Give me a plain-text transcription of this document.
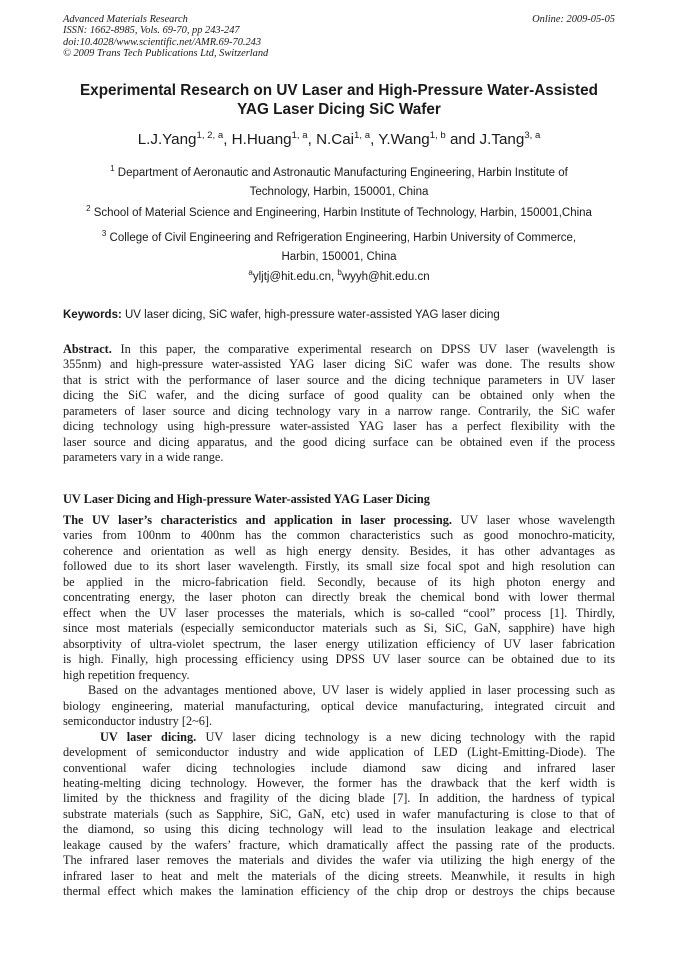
Advanced Materials Research
ISSN: 1662-8985, Vols. 69-70, pp 243-247
doi:10.4028/www.scientific.net/AMR.69-70.243
© 2009 Trans Tech Publications Ltd, Switzerland
Online: 2009-05-05
Experimental Research on UV Laser and High-Pressure Water-Assisted
YAG Laser Dicing SiC Wafer
L.J.Yang$^{1, 2, a}$, H.Huang$^{1, a}$, N.Cai$^{1, a}$, Y.Wang$^{1, b}$ and J.Tang$^{3, a}$
$^1$ Department of Aeronautic and Astronautic Manufacturing Engineering, Harbin Institute of
Technology, Harbin, 150001, China
$^2$ School of Material Science and Engineering, Harbin Institute of Technology, Harbin, 150001,China
$^3$ College of Civil Engineering and Refrigeration Engineering, Harbin University of Commerce,
Harbin, 150001, China
$^a$yljtj@hit.edu.cn, $^b$wyyh@hit.edu.cn
Keywords: UV laser dicing, SiC wafer, high-pressure water-assisted YAG laser dicing
Abstract. In this paper, the comparative experimental research on DPSS UV laser (wavelength is
355nm) and high-pressure water-assisted YAG laser dicing SiC wafer was done. The results show
that is strict with the performance of laser source and the dicing technique parameters in UV laser
dicing the SiC wafer, and the dicing surface of good quality can be obtained only when the
parameters of laser source and dicing technology vary in a narrow range. Contrarily, the SiC wafer
dicing technology using high-pressure water-assisted YAG laser has a perfect flexibility with the
laser source and dicing apparatus, and the good dicing surface can be obtained even if the process
parameters vary in a wide range.
UV Laser Dicing and High-pressure Water-assisted YAG Laser Dicing
The UV laser’s characteristics and application in laser processing. UV laser whose wavelength
varies from 100nm to 400nm has the common characteristics such as good monochro-maticity,
coherence and orientation as well as high energy density. Besides, it has other advantages as
followed due to its short laser wavelength. Firstly, its small size focal spot and high resolution can
be applied in the micro-fabrication field. Secondly, because of its high photon energy and
concentrating energy, the laser photon can directly break the chemical bond with lower thermal
effect when the UV laser processes the materials, which is so-called “cool” process [1]. Thirdly,
since most materials (especially semiconductor materials such as Si, SiC, GaN, sapphire) have high
absorptivity of ultra-violet spectrum, the laser energy utilization efficiency of UV laser fabrication
is high. Finally, high processing efficiency using DPSS UV laser source can be obtained due to its
high repetition frequency.
Based on the advantages mentioned above, UV laser is widely applied in laser processing such as
biology engineering, material manufacturing, optical device manufacturing, integrated circuit and
semiconductor industry [2~6].
UV laser dicing. UV laser dicing technology is a new dicing technology with the rapid
development of semiconductor industry and wide application of LED (Light-Emitting-Diode). The
conventional wafer dicing technologies include diamond saw dicing and infrared laser
heating-melting dicing technology. However, the former has the drawback that the kerf width is
limited by the thickness and fragility of the dicing blade [7]. In addition, the hardness of typical
substrate materials (such as Sapphire, SiC, GaN, etc) used in wafer manufacturing is close to that of
the diamond, so using this dicing technology will lead to the insulation leakage and electrical
leakage caused by the wafers’ fracture, which dramatically affect the passing rate of the products.
The infrared laser removes the materials and divides the wafer via utilizing the high energy of the
infrared laser to heat and melt the materials of the dicing streets. Meanwhile, it results in high
thermal effect which makes the lamination efficiency of the chip drop or destroys the chips because
